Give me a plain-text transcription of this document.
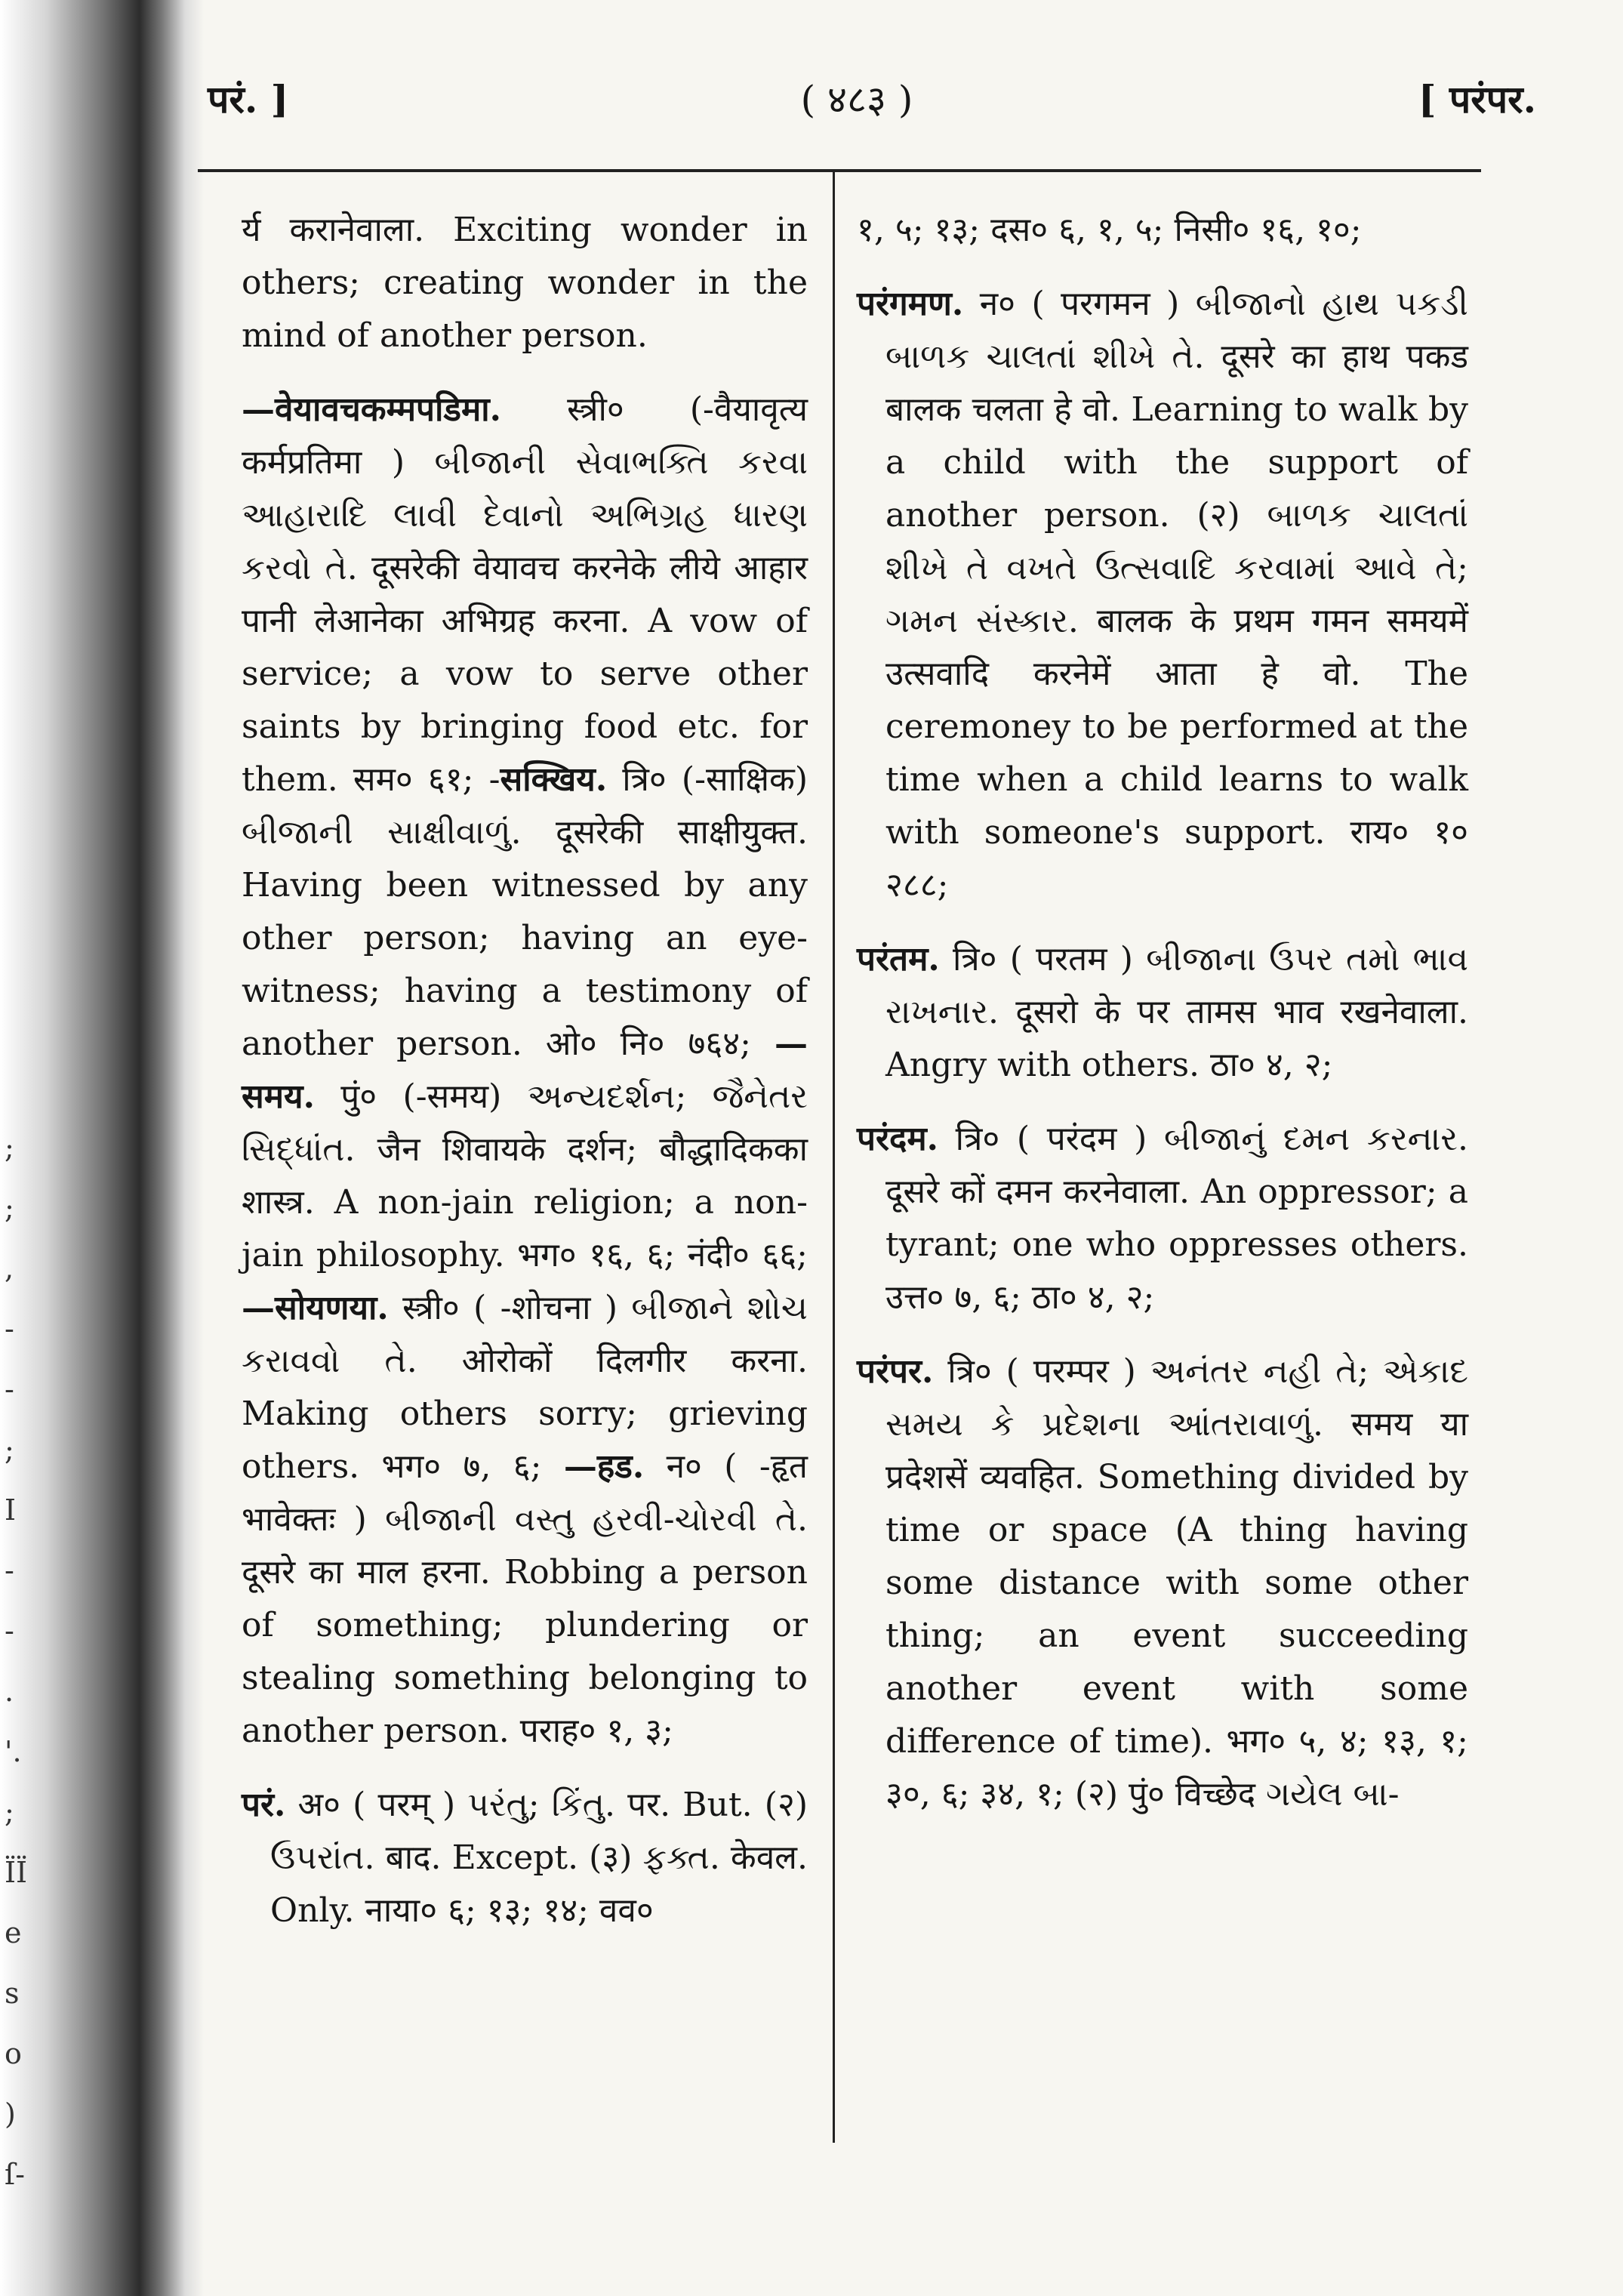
;
;
,
-
-
;
I
-
-
.
'.
;
ÏÏ
e
s
o
)
ſ-
परं. ]	( ४८३ )	[ परंपर.
र्य करानेवाला. Exciting wonder in others; creating wonder in the mind of another person.
—वेयावचकम्मपडिमा. स्त्री० (-वैयावृत्य कर्मप्रतिमा ) બીજાની સેવાભક્તિ કરવા આહારાદિ લાવી દેવાનો અભિગ્રહ ધારણ કરવો તે. दूसरेकी वेयावच करनेके लीये आहार पानी लेआनेका अभिग्रह करना. A vow of service; a vow to serve other saints by bringing food etc. for them. सम० ६१; -सक्खिय. त्रि० (-साक्षिक) બીજાની સાક્ષીવાળું. दूसरेकी साक्षीयुक्त. Having been witnessed by any other person; having an eye-witness; having a testimony of another person. ओ० नि० ७६४; —समय. पुं० (-समय) અન્યદર્શન; જૈનેતર સિદ્ધાંત. जैन शिवायके दर्शन; बौद्धादिकका शास्त्र. A non-jain religion; a non-jain philosophy. भग० १६, ६; नंदी० ६६; —सोयणया. स्त्री० ( -शोचना ) બીજાને શોચ કરાવવો તે. ओरोकों दिलगीर करना. Making others sorry; grieving others. भग० ७, ६; —हड. न० ( -हृत भावेक्तः ) બીજાની વસ્તુ હરવી-ચોરવી તે. दूसरे का माल हरना. Robbing a person of something; plundering or stealing something belonging to another person. पराह० १, ३;
परं. अ० ( परम् ) પરંતુ; કિંતુ. पर. But. (२) ઉપરાંત. बाद. Except. (३) ફક્ત. केवल. Only. नाया० ६; १३; १४; वव०
१, ५; १३; दस० ६, १, ५; निसी० १६, १०;
परंगमण. न० ( परगमन ) બીજાનો હાથ પકડી બાળક ચાલતાં શીખે તે. दूसरे का हाथ पकड बालक चलता हे वो. Learning to walk by a child with the support of another person. (२) બાળક ચાલતાં શીખે તે વખતે ઉત્સવાદિ કરવામાં આવે તે; ગમન સંસ્કાર. बालक के प्रथम गमन समयमें उत्सवादि करनेमें आता हे वो. The ceremoney to be performed at the time when a child learns to walk with someone's support. राय० १० २८८;
परंतम. त्रि० ( परतम ) બીજાના ઉપર તમો ભાવ રાખનાર. दूसरो के पर तामस भाव रखनेवाला. Angry with others. ठा० ४, २;
परंदम. त्रि० ( परंदम ) બીજાનું દમન કરનાર. दूसरे कों दमन करनेवाला. An oppressor; a tyrant; one who oppresses others. उत्त० ७, ६; ठा० ४, २;
परंपर. त्रि० ( परम्पर ) અનંતર નહી તે; એકાદ સમય કે પ્રદેશના આંતરાવાળું. समय या प्रदेशसें व्यवहित. Something divided by time or space (A thing having some distance with some other thing; an event succeeding another event with some difference of time). भग० ५, ४; १३, १; ३०, ६; ३४, १; (२) पुं० विच्छेद ગયેલ બા-
